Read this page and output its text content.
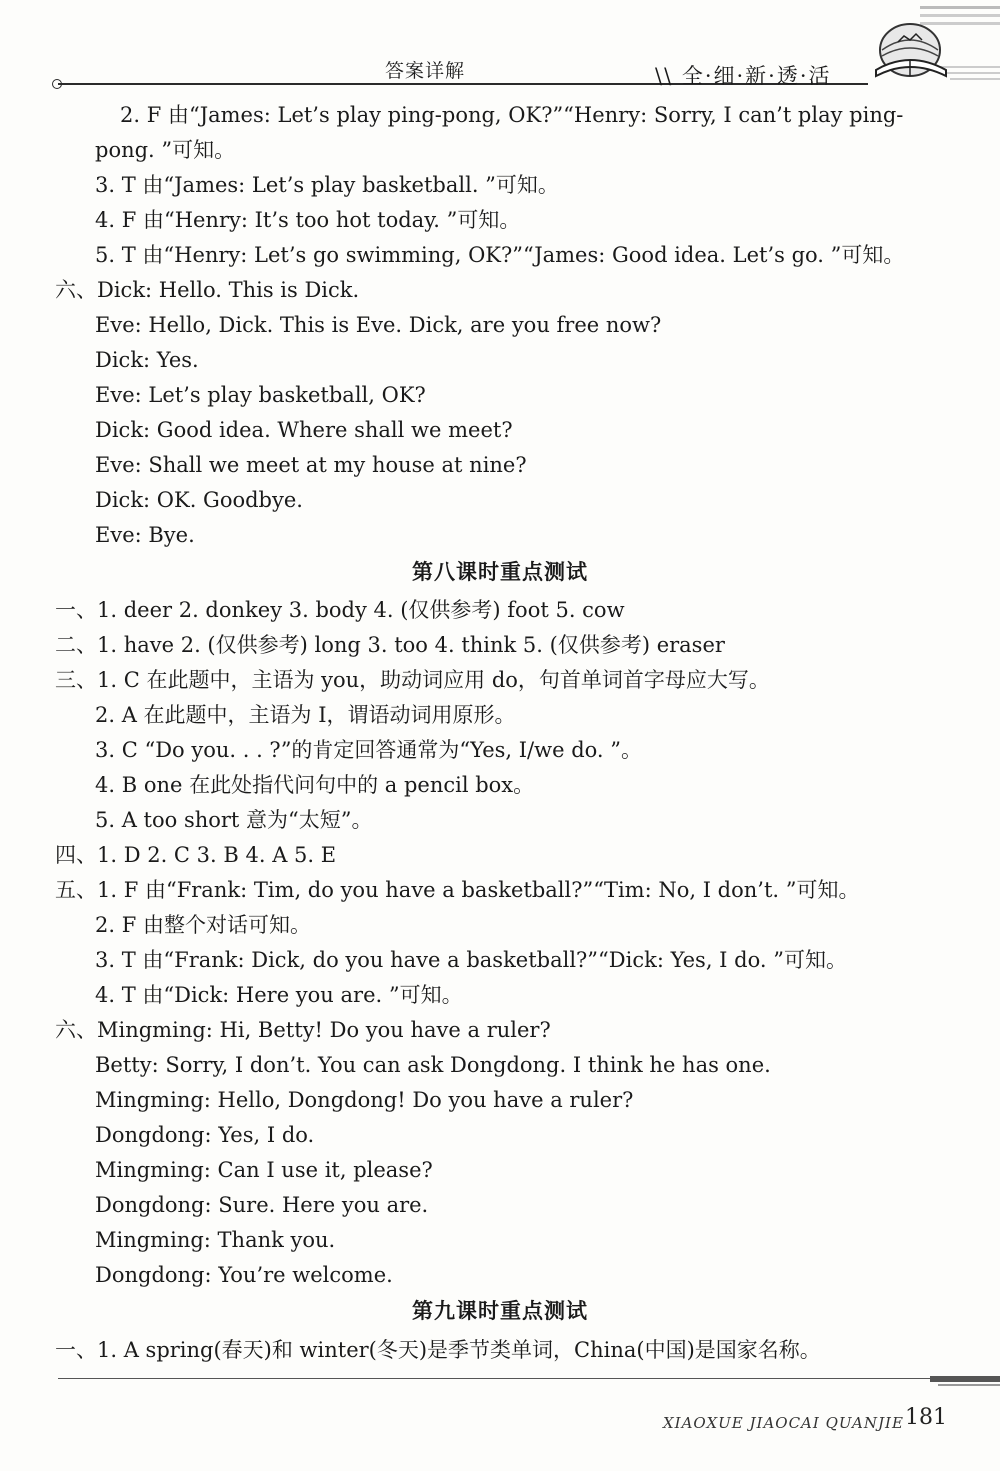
答案详解	\\ 全·细·新·透·活
2. F 由“James: Let’s play ping-pong, OK?”“Henry: Sorry, I can’t play ping-
pong. ”可知。
3. T 由“James: Let’s play basketball. ”可知。
4. F 由“Henry: It’s too hot today. ”可知。
5. T 由“Henry: Let’s go swimming, OK?”“James: Good idea. Let’s go. ”可知。
六、Dick: Hello. This is Dick.
Eve: Hello, Dick. This is Eve. Dick, are you free now?
Dick: Yes.
Eve: Let’s play basketball, OK?
Dick: Good idea. Where shall we meet?
Eve: Shall we meet at my house at nine?
Dick: OK. Goodbye.
Eve: Bye.
第八课时重点测试
一、1. deer 2. donkey 3. body 4. (仅供参考) foot 5. cow
二、1. have 2. (仅供参考) long 3. too 4. think 5. (仅供参考) eraser
三、1. C 在此题中，主语为 you，助动词应用 do，句首单词首字母应大写。
2. A 在此题中，主语为 I，谓语动词用原形。
3. C “Do you. . . ?”的肯定回答通常为“Yes, I/we do. ”。
4. B one 在此处指代问句中的 a pencil box。
5. A too short 意为“太短”。
四、1. D 2. C 3. B 4. A 5. E
五、1. F 由“Frank: Tim, do you have a basketball?”“Tim: No, I don’t. ”可知。
2. F 由整个对话可知。
3. T 由“Frank: Dick, do you have a basketball?”“Dick: Yes, I do. ”可知。
4. T 由“Dick: Here you are. ”可知。
六、Mingming: Hi, Betty! Do you have a ruler?
Betty: Sorry, I don’t. You can ask Dongdong. I think he has one.
Mingming: Hello, Dongdong! Do you have a ruler?
Dongdong: Yes, I do.
Mingming: Can I use it, please?
Dongdong: Sure. Here you are.
Mingming: Thank you.
Dongdong: You’re welcome.
第九课时重点测试
一、1. A spring(春天)和 winter(冬天)是季节类单词，China(中国)是国家名称。
XIAOXUE JIAOCAI QUANJIE 181
